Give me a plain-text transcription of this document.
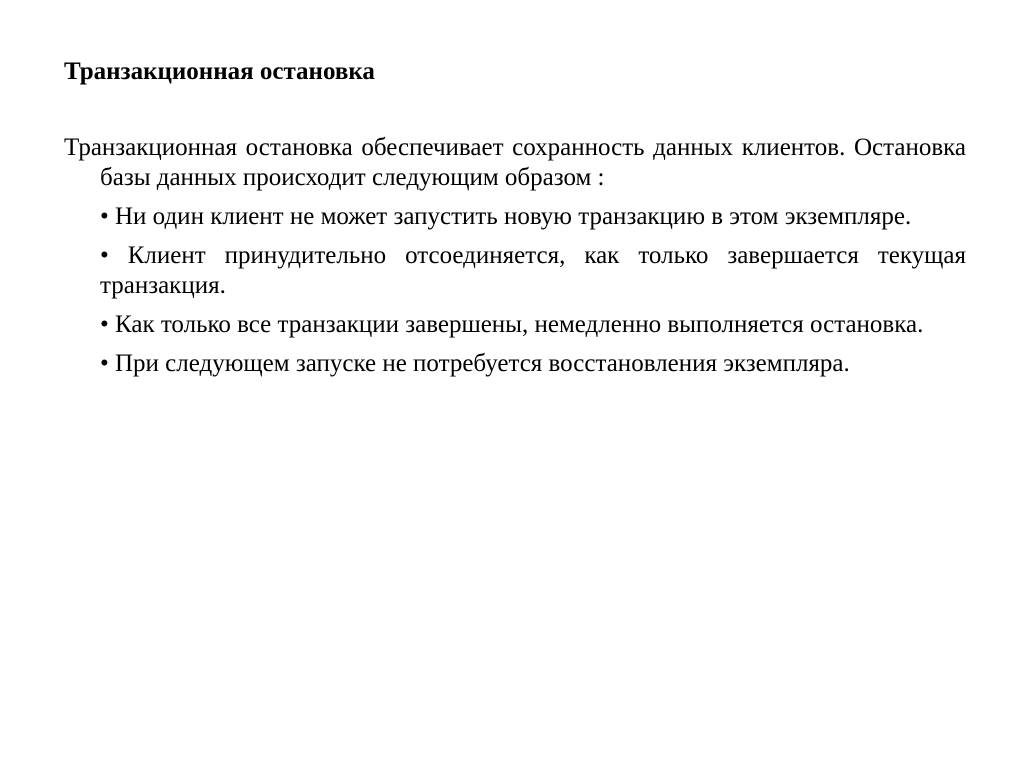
Транзакционная остановка

Транзакционная остановка обеспечивает сохранность данных клиентов. Остановка базы данных происходит следующим образом :

• Ни один клиент не может запустить новую транзакцию в этом экземпляре.
• Клиент принудительно отсоединяется, как только завершается текущая транзакция.
• Как только все транзакции завершены, немедленно выполняется остановка.
• При следующем запуске не потребуется восстановления экземпляра.
